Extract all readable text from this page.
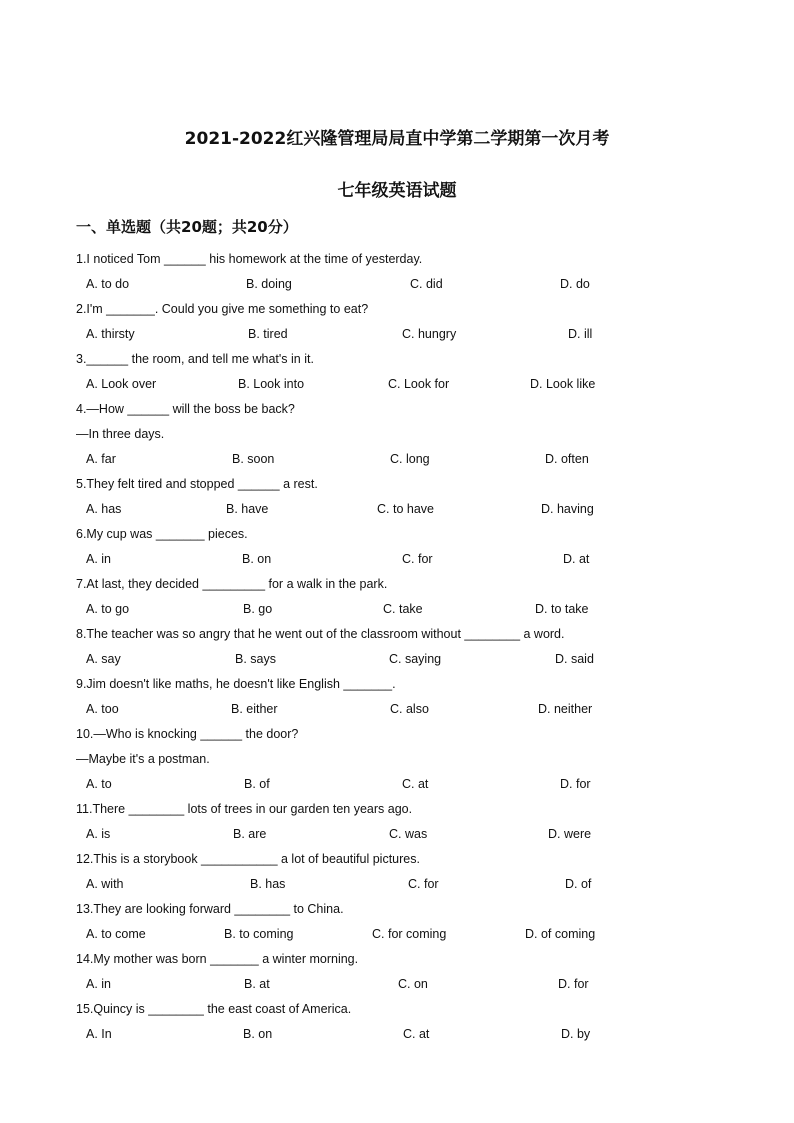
2021-2022红兴隆管理局局直中学第二学期第一次月考
七年级英语试题
一、单选题（共20题；共20分）
1.I noticed Tom ______ his homework at the time of yesterday.
A. to do	B. doing	C. did	D. do
2.I'm _______. Could you give me something to eat?
A. thirsty	B. tired	C. hungry	D. ill
3.______ the room, and tell me what's in it.
A. Look over	B. Look into	C. Look for	D. Look like
4.—How ______ will the boss be back?
—In three days.
A. far	B. soon	C. long	D. often
5.They felt tired and stopped ______ a rest.
A. has	B. have	C. to have	D. having
6.My cup was _______ pieces.
A. in	B. on	C. for	D. at
7.At last, they decided _________ for a walk in the park.
A. to go	B. go	C. take	D. to take
8.The teacher was so angry that he went out of the classroom without ________ a word.
A. say	B. says	C. saying	D. said
9.Jim doesn't like maths, he doesn't like English _______.
A. too	B. either	C. also	D. neither
10.—Who is knocking ______ the door?
—Maybe it's a postman.
A. to	B. of	C. at	D. for
11.There ________ lots of trees in our garden ten years ago.
A. is	B. are	C. was	D. were
12.This is a storybook ___________ a lot of beautiful pictures.
A. with	B. has	C. for	D. of
13.They are looking forward ________ to China.
A. to come	B. to coming	C. for coming	D. of coming
14.My mother was born _______ a winter morning.
A. in	B. at	C. on	D. for
15.Quincy is ________ the east coast of America.
A. In	B. on	C. at	D. by
